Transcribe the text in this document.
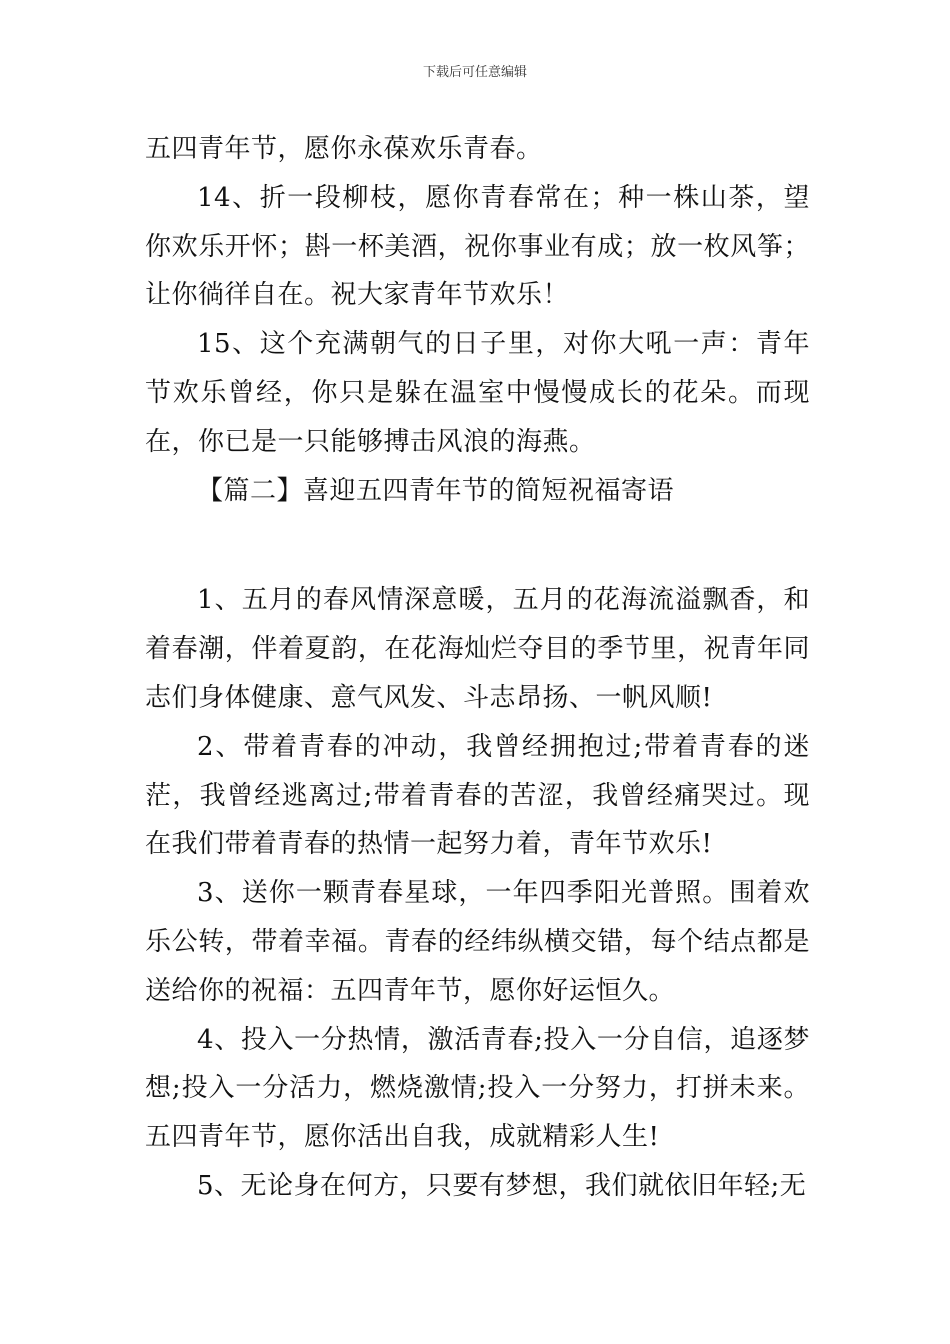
下载后可任意编辑

五四青年节，愿你永葆欢乐青春。

14、折一段柳枝，愿你青春常在；种一株山茶，望你欢乐开怀；斟一杯美酒，祝你事业有成；放一枚风筝；让你徜徉自在。祝大家青年节欢乐！

15、这个充满朝气的日子里，对你大吼一声：青年节欢乐曾经，你只是躲在温室中慢慢成长的花朵。而现在，你已是一只能够搏击风浪的海燕。

【篇二】喜迎五四青年节的简短祝福寄语

1、五月的春风情深意暖，五月的花海流溢飘香，和着春潮，伴着夏韵，在花海灿烂夺目的季节里，祝青年同志们身体健康、意气风发、斗志昂扬、一帆风顺!

2、带着青春的冲动，我曾经拥抱过;带着青春的迷茫，我曾经逃离过;带着青春的苦涩，我曾经痛哭过。现在我们带着青春的热情一起努力着，青年节欢乐!

3、送你一颗青春星球，一年四季阳光普照。围着欢乐公转，带着幸福。青春的经纬纵横交错，每个结点都是送给你的祝福：五四青年节，愿你好运恒久。

4、投入一分热情，激活青春;投入一分自信，追逐梦想;投入一分活力，燃烧激情;投入一分努力，打拼未来。五四青年节，愿你活出自我，成就精彩人生!

5、无论身在何方，只要有梦想，我们就依旧年轻;无
